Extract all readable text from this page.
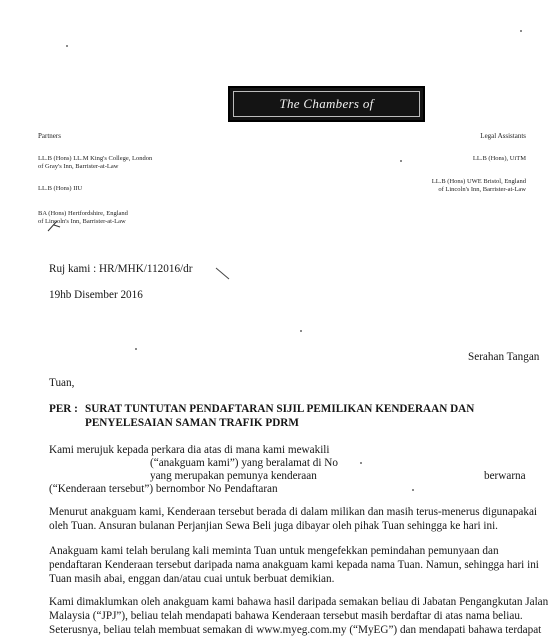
The Chambers of
Partners
LL.B (Hons) LL.M King's College, London
of Gray's Inn, Barrister-at-Law
LL.B (Hons) IIU
BA (Hons) Hertfordshire, England
of Lincoln's Inn, Barrister-at-Law
Legal Assistants
LL.B (Hons), UiTM
LL.B (Hons) UWE Bristol, England
of Lincoln's Inn, Barrister-at-Law
Ruj kami : HR/MHK/112016/dr
19hb Disember 2016
Serahan Tangan
Tuan,
PER : SURAT TUNTUTAN PENDAFTARAN SIJIL PEMILIKAN KENDERAAN DAN
PENYELESAIAN SAMAN TRAFIK PDRM
Kami merujuk kepada perkara dia atas di mana kami mewakili
(“anakguam kami”) yang beralamat di No
yang merupakan pemunya kenderaan	berwarna
(“Kenderaan tersebut”) bernombor No Pendaftaran
Menurut anakguam kami, Kenderaan tersebut berada di dalam milikan dan masih terus-menerus digunapakai
oleh Tuan. Ansuran bulanan Perjanjian Sewa Beli juga dibayar oleh pihak Tuan sehingga ke hari ini.
Anakguam kami telah berulang kali meminta Tuan untuk mengefekkan pemindahan pemunyaan dan
pendaftaran Kenderaan tersebut daripada nama anakguam kami kepada nama Tuan. Namun, sehingga hari ini
Tuan masih abai, enggan dan/atau cuai untuk berbuat demikian.
Kami dimaklumkan oleh anakguam kami bahawa hasil daripada semakan beliau di Jabatan Pengangkutan Jalan
Malaysia (“JPJ”), beliau telah mendapati bahawa Kenderaan tersebut masih berdaftar di atas nama beliau.
Seterusnya, beliau telah membuat semakan di www.myeg.com.my (“MyEG”) dan mendapati bahawa terdapat
